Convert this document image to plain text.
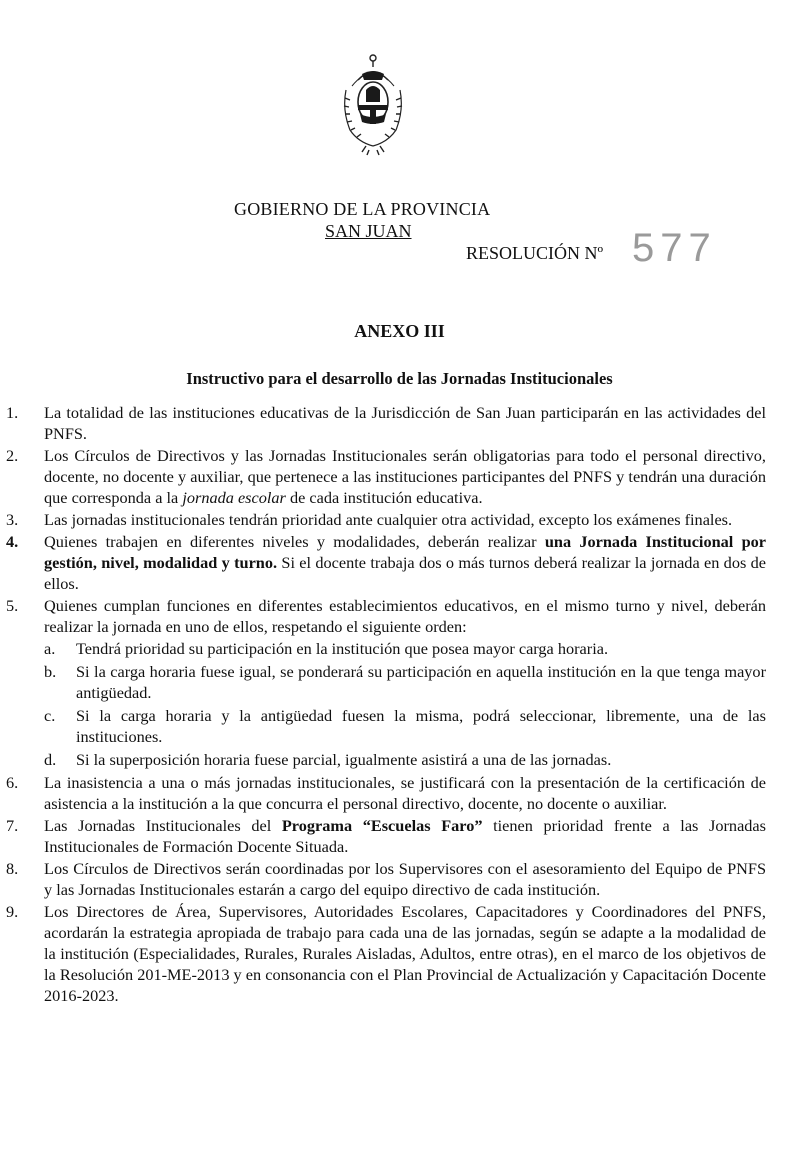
GOBIERNO DE LA PROVINCIA
SAN JUAN
RESOLUCIÓN Nº 577
ANEXO III
Instructivo para el desarrollo de las Jornadas Institucionales
1. La totalidad de las instituciones educativas de la Jurisdicción de San Juan participarán en las actividades del PNFS.
2. Los Círculos de Directivos y las Jornadas Institucionales serán obligatorias para todo el personal directivo, docente, no docente y auxiliar, que pertenece a las instituciones participantes del PNFS y tendrán una duración que corresponda a la jornada escolar de cada institución educativa.
3. Las jornadas institucionales tendrán prioridad ante cualquier otra actividad, excepto los exámenes finales.
4. Quienes trabajen en diferentes niveles y modalidades, deberán realizar una Jornada Institucional por gestión, nivel, modalidad y turno. Si el docente trabaja dos o más turnos deberá realizar la jornada en dos de ellos.
5. Quienes cumplan funciones en diferentes establecimientos educativos, en el mismo turno y nivel, deberán realizar la jornada en uno de ellos, respetando el siguiente orden:
a. Tendrá prioridad su participación en la institución que posea mayor carga horaria.
b. Si la carga horaria fuese igual, se ponderará su participación en aquella institución en la que tenga mayor antigüedad.
c. Si la carga horaria y la antigüedad fuesen la misma, podrá seleccionar, libremente, una de las instituciones.
d. Si la superposición horaria fuese parcial, igualmente asistirá a una de las jornadas.
6. La inasistencia a una o más jornadas institucionales, se justificará con la presentación de la certificación de asistencia a la institución a la que concurra el personal directivo, docente, no docente o auxiliar.
7. Las Jornadas Institucionales del Programa “Escuelas Faro” tienen prioridad frente a las Jornadas Institucionales de Formación Docente Situada.
8. Los Círculos de Directivos serán coordinadas por los Supervisores con el asesoramiento del Equipo de PNFS y las Jornadas Institucionales estarán a cargo del equipo directivo de cada institución.
9. Los Directores de Área, Supervisores, Autoridades Escolares, Capacitadores y Coordinadores del PNFS, acordarán la estrategia apropiada de trabajo para cada una de las jornadas, según se adapte a la modalidad de la institución (Especialidades, Rurales, Rurales Aisladas, Adultos, entre otras), en el marco de los objetivos de la Resolución 201-ME-2013 y en consonancia con el Plan Provincial de Actualización y Capacitación Docente 2016-2023.
